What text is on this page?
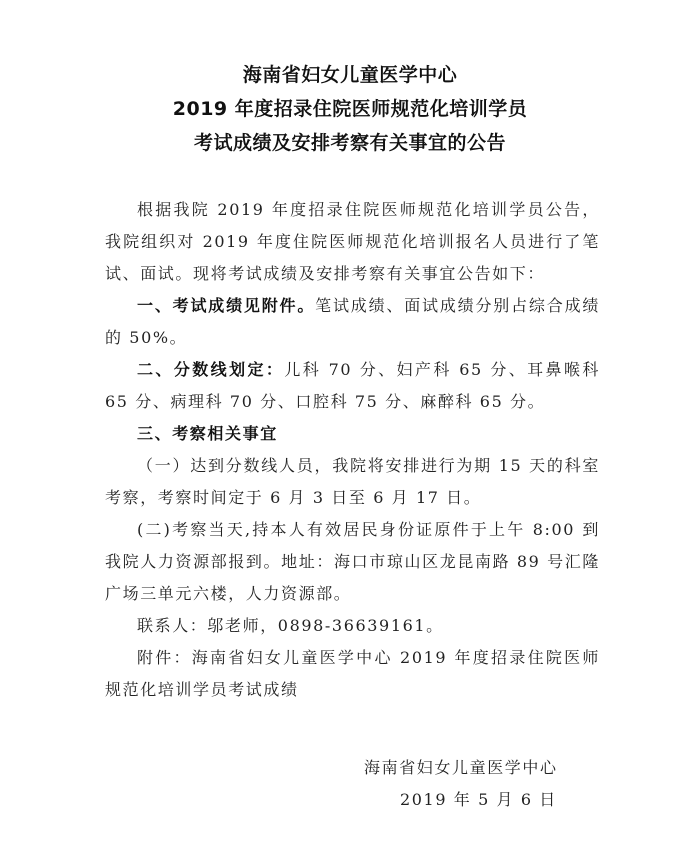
海南省妇女儿童医学中心
2019 年度招录住院医师规范化培训学员
考试成绩及安排考察有关事宜的公告

根据我院 2019 年度招录住院医师规范化培训学员公告，我院组织对 2019 年度住院医师规范化培训报名人员进行了笔试、面试。现将考试成绩及安排考察有关事宜公告如下：

一、考试成绩见附件。笔试成绩、面试成绩分别占综合成绩的 50%。

二、分数线划定：儿科 70 分、妇产科 65 分、耳鼻喉科 65 分、病理科 70 分、口腔科 75 分、麻醉科 65 分。

三、考察相关事宜

（一）达到分数线人员，我院将安排进行为期 15 天的科室考察，考察时间定于 6 月 3 日至 6 月 17 日。

(二)考察当天,持本人有效居民身份证原件于上午 8:00 到我院人力资源部报到。地址：海口市琼山区龙昆南路 89 号汇隆广场三单元六楼，人力资源部。

联系人：邬老师，0898-36639161。

附件：海南省妇女儿童医学中心 2019 年度招录住院医师规范化培训学员考试成绩

海南省妇女儿童医学中心
2019 年 5 月 6 日
